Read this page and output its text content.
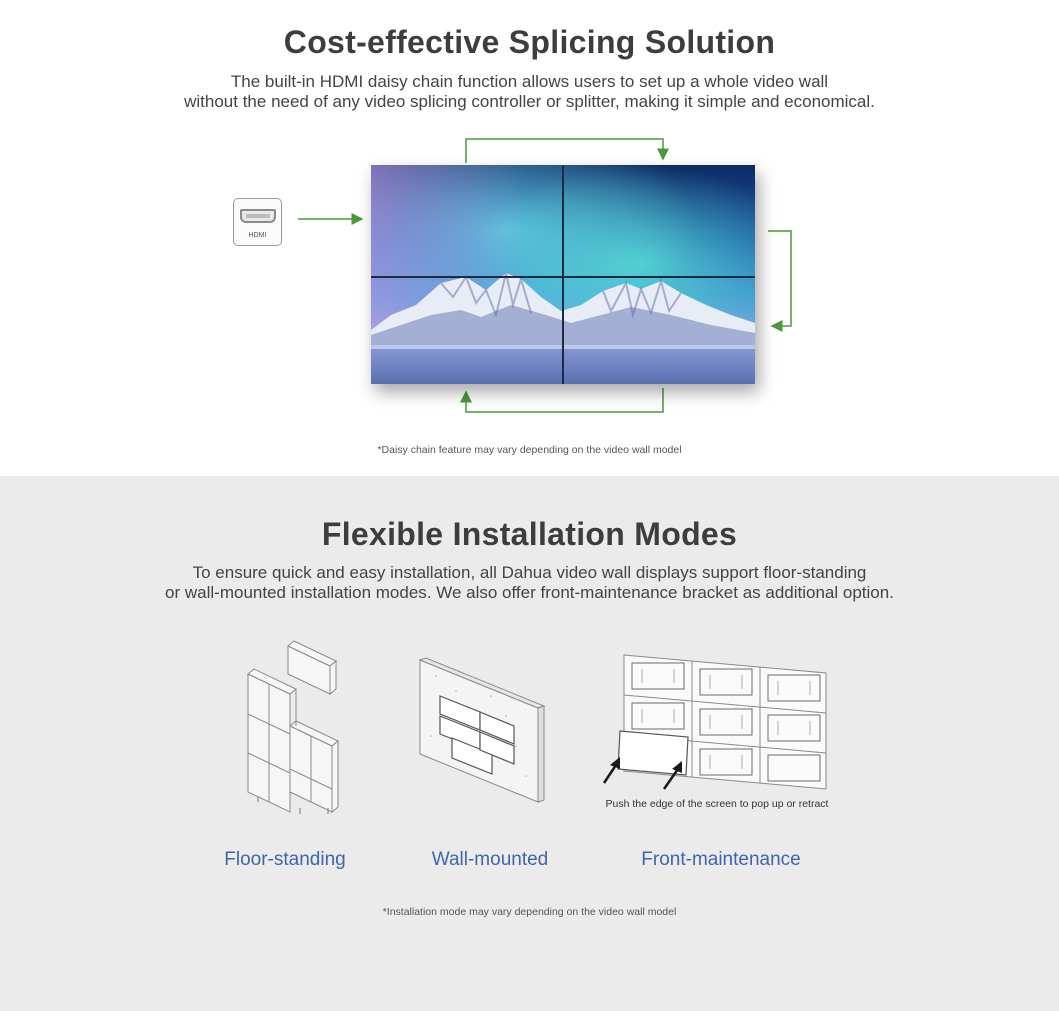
Cost-effective Splicing Solution
The built-in HDMI daisy chain function allows users to set up a whole video wall
without the need of any video splicing controller or splitter, making it simple and economical.
HDMI
*Daisy chain feature may vary depending on the video wall model
Flexible Installation Modes
To ensure quick and easy installation, all Dahua video wall displays support floor-standing
or wall-mounted installation modes. We also offer front-maintenance bracket as additional option.
Push the edge of the screen to pop up or retract
Floor-standing	Wall-mounted	Front-maintenance
*Installation mode may vary depending on the video wall model
